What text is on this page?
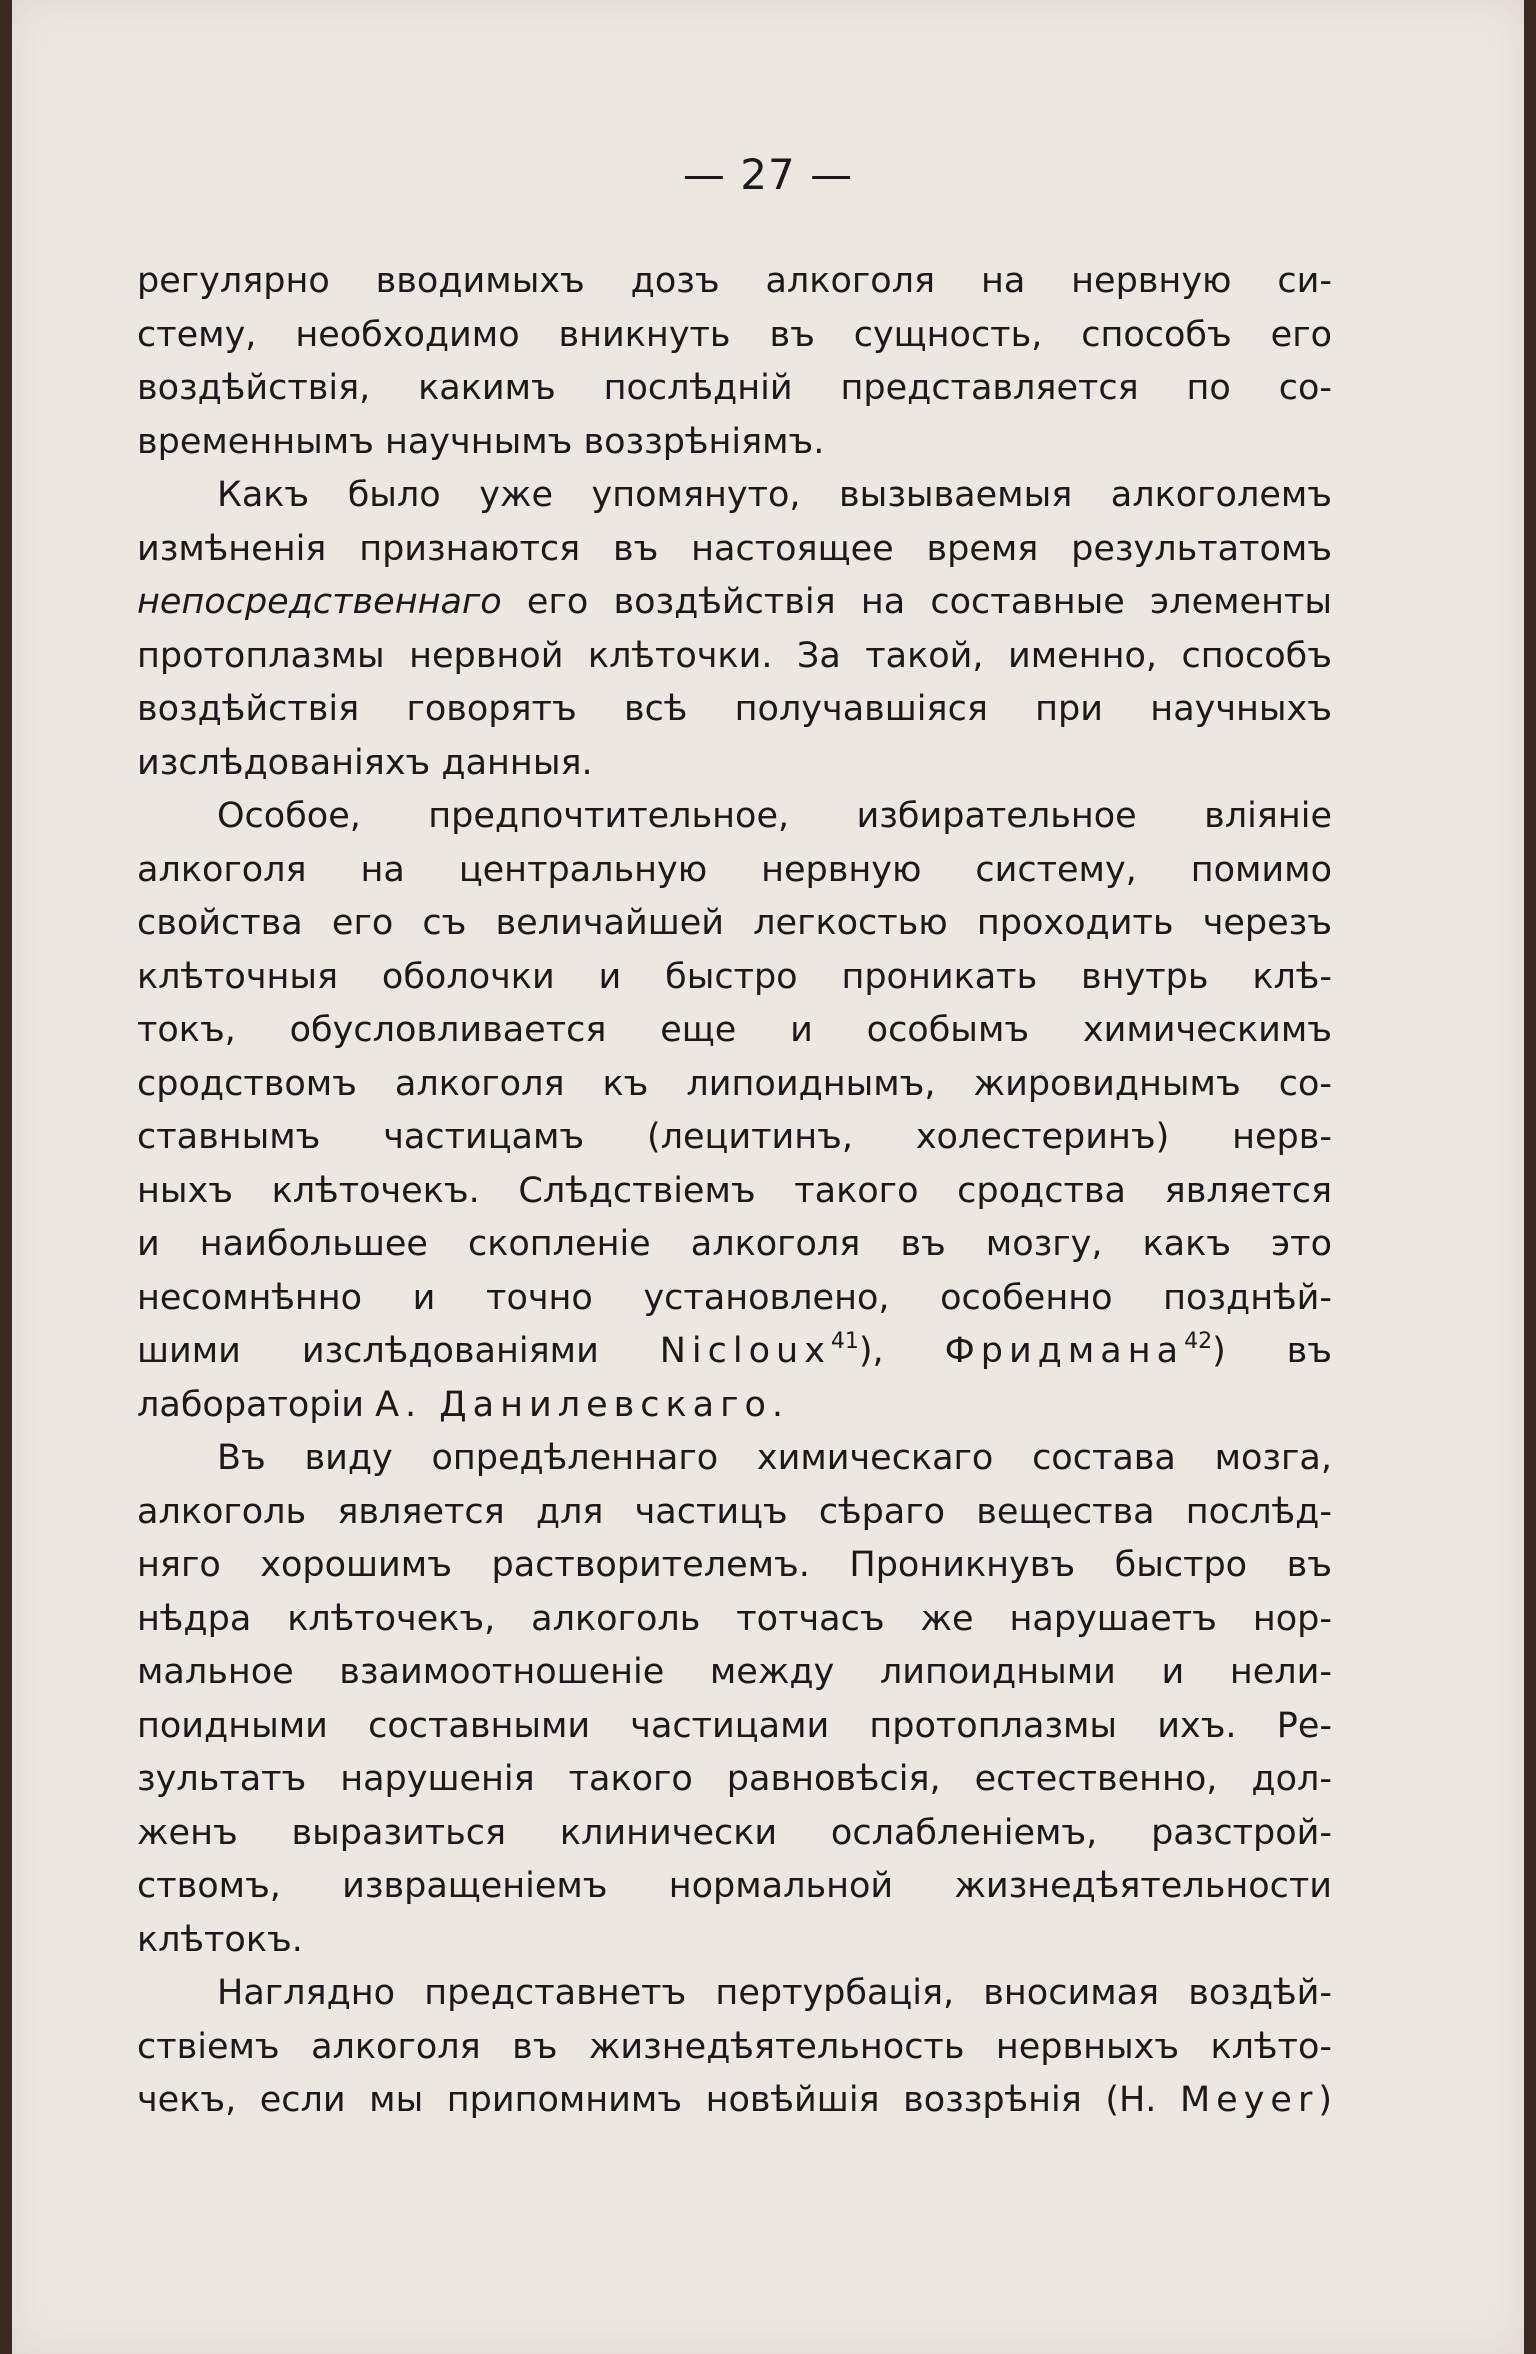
— 27 —

регулярно вводимыхъ дозъ алкоголя на нервную си-
стему, необходимо вникнуть въ сущность, способъ его
воздѣйствія, какимъ послѣдній представляется по со-
временнымъ научнымъ воззрѣніямъ.

Какъ было уже упомянуто, вызываемыя алкоголемъ
измѣненія признаются въ настоящее время результатомъ
непосредственнаго его воздѣйствія на составные элементы
протоплазмы нервной клѣточки. За такой, именно, способъ
воздѣйствія говорятъ всѣ получавшіяся при научныхъ
изслѣдованіяхъ данныя.

Особое, предпочтительное, избирательное вліяніе
алкоголя на центральную нервную систему, помимо
свойства его съ величайшей легкостью проходить черезъ
клѣточныя оболочки и быстро проникать внутрь клѣ-
токъ, обусловливается еще и особымъ химическимъ
сродствомъ алкоголя къ липоиднымъ, жировиднымъ со-
ставнымъ частицамъ (лецитинъ, холестеринъ) нерв-
ныхъ клѣточекъ. Слѣдствіемъ такого сродства является
и наибольшее скопленіе алкоголя въ мозгу, какъ это
несомнѣнно и точно установлено, особенно позднѣй-
шими изслѣдованіями Nicloux$^{41}$), Фридмана$^{42}$) въ
лабораторіи А. Данилевскаго.

Въ виду опредѣленнаго химическаго состава мозга,
алкоголь является для частицъ сѣраго вещества послѣд-
няго хорошимъ растворителемъ. Проникнувъ быстро въ
нѣдра клѣточекъ, алкоголь тотчасъ же нарушаетъ нор-
мальное взаимоотношеніе между липоидными и нели-
поидными составными частицами протоплазмы ихъ. Ре-
зультатъ нарушенія такого равновѣсія, естественно, дол-
женъ выразиться клинически ослабленіемъ, разстрой-
ствомъ, извращеніемъ нормальной жизнедѣятельности
клѣтокъ.

Наглядно представнетъ пертурбація, вносимая воздѣй-
ствіемъ алкоголя въ жизнедѣятельность нервныхъ клѣто-
чекъ, если мы припомнимъ новѣйшія воззрѣнія (Н. Meyer)
